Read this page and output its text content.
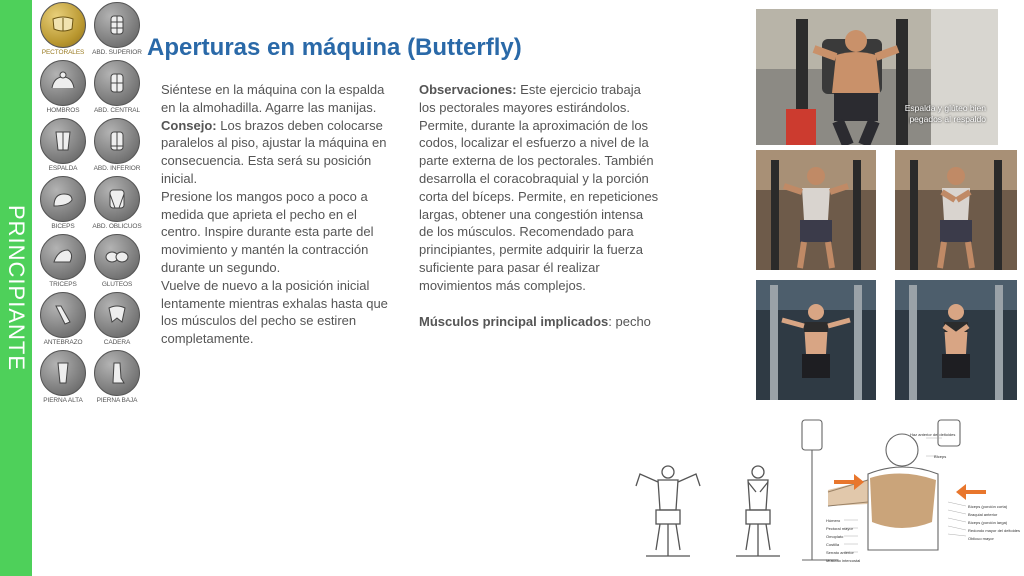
PRINCIPIANTE
PECTORALES	ABD. SUPERIOR
HOMBROS	ABD. CENTRAL
ESPALDA	ABD. INFERIOR
BICEPS	ABD. OBLICUOS
TRICEPS	GLUTEOS
ANTEBRAZO	CADERA
PIERNA ALTA	PIERNA BAJA
Aperturas en máquina (Butterfly)

Siéntese en la máquina con la espalda en la almohadilla. Agarre las manijas.

Consejo: Los brazos deben colocarse paralelos al piso, ajustar la máquina en consecuencia. Esta será su posición inicial.

Presione los mangos poco a poco a medida que aprieta el pecho en el centro. Inspire durante esta parte del movimiento y mantén la contracción durante un segundo.

Vuelve de nuevo a la posición inicial lentamente mientras exhalas hasta que los músculos del pecho se estiren completamente.

Observaciones: Este ejercicio trabaja los pectorales mayores estirándolos. Permite, durante la aproximación de los codos, localizar el esfuerzo a nivel de la parte externa de los pectorales. También desarrolla el coracobraquial y la porción corta del bíceps. Permite, en repeticiones largas, obtener una congestión intensa de los músculos. Recomendado para principiantes, permite adquirir la fuerza suficiente para pasar él realizar movimientos más complejos.

Músculos principal implicados: pecho

Espalda y glúteo bien pegados al respaldo
Haz anterior del deltoides
Bíceps
Húmero
Pectoral mayor
Omoplato
Costilla
Serrato anterior
Músculo intercostal
Bíceps (porción corta)
Braquial anterior
Bíceps (porción larga)
Redondo mayor del deltoides
Oblicuo mayor
